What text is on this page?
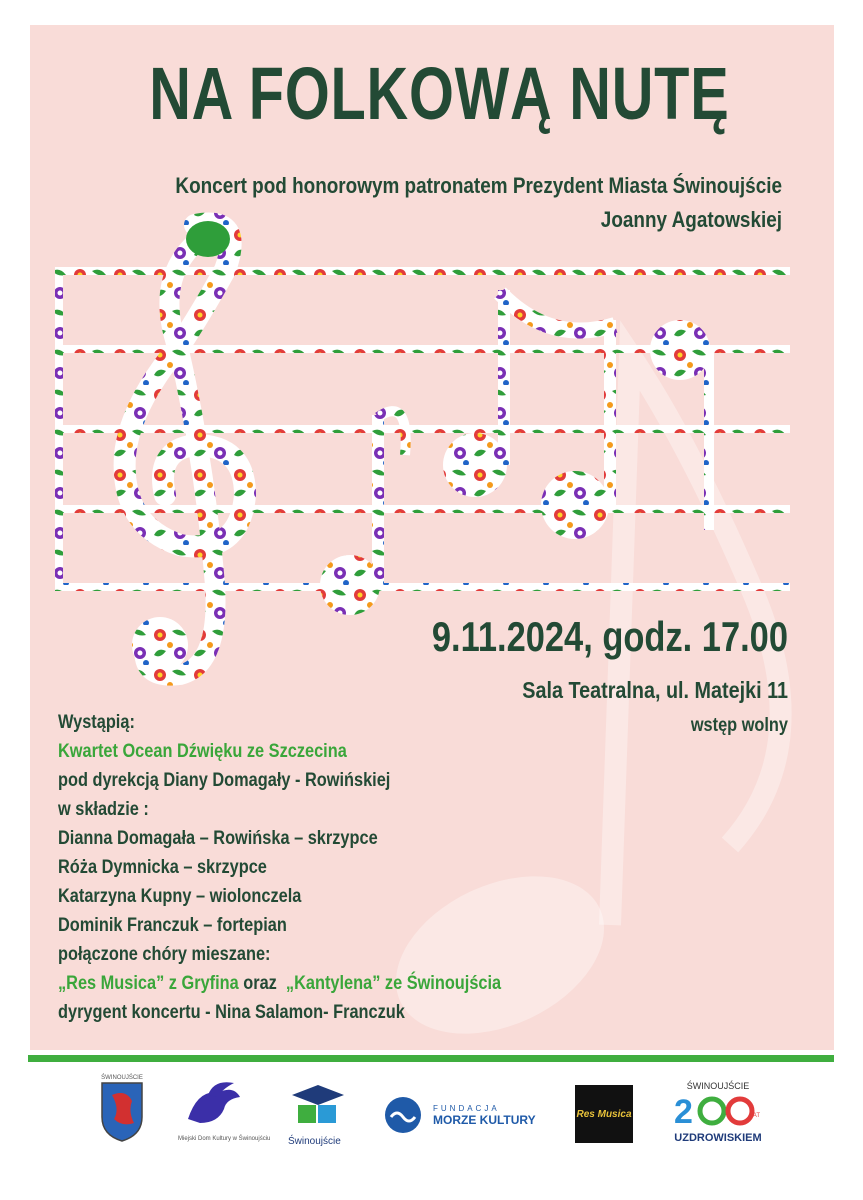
NA FOLKOWĄ NUTĘ
Koncert pod honorowym patronatem Prezydent Miasta Świnoujście
Joanny Agatowskiej
9.11.2024, godz. 17.00
Sala Teatralna, ul. Matejki 11
wstęp wolny
Wystąpią:
Kwartet Ocean Dźwięku ze Szczecina
pod dyrekcją Diany Domagały - Rowińskiej
w składzie :
Dianna Domagała – Rowińska – skrzypce
Róża Dymnicka – skrzypce
Katarzyna Kupny – wiolonczela
Dominik Franczuk – fortepian
połączone chóry mieszane:
„Res Musica” z Gryfina oraz  „Kantylena” ze Świnoujścia
dyrygent koncertu - Nina Salamon- Franczuk
ŚWINOUJŚCIE
Miejski Dom Kultury w Świnoujściu Świnoujście
FUNDACJA
MORZE KULTURY	Res Musica
ŚWINOUJŚCIE
2	LAT
UZDROWISKIEM
